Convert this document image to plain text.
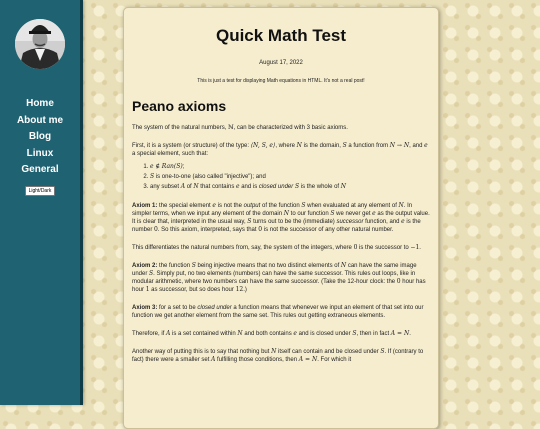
Home
About me
Blog
Linux
General
Light/Dark
Quick Math Test
August 17, 2022
This is just a test for displaying Math equations in HTML. It's not a real post!
Peano axioms

The system of the natural numbers, ℕ, can be characterized with 3 basic axioms.

First, it is a system (or structure) of the type: ⟨N, S, e⟩, where N is the domain, S a function from N → N, and e a special element, such that:

1. e ∉ Ran(S);
2. S is one-to-one (also called "injective"); and
3. any subset A of N that contains e and is closed under S is the whole of N

Axiom 1: the special element e is not the output of the function S when evaluated at any element of N. In simpler terms, when we input any element of the domain N to our function S we never get e as the output value. It is clear that, interpreted in the usual way, S turns out to be the (immediate) successor function, and e is the number 0. So this axiom, interpreted, says that 0 is not the successor of any other natural number.

This differentiates the natural numbers from, say, the system of the integers, where 0 is the successor to −1.

Axiom 2: the function S being injective means that no two distinct elements of N can have the same image under S. Simply put, no two elements (numbers) can have the same successor. This rules out loops, like in modular arithmetic, where two numbers can have the same successor. (Take the 12-hour clock: the 0 hour has hour 1 as successor, but so does hour 12.)

Axiom 3: for a set to be closed under a function means that whenever we input an element of that set into our function we get another element from the same set. This rules out getting extraneous elements.

Therefore, if A is a set contained within N and both contains e and is closed under S, then in fact A = N.

Another way of putting this is to say that nothing but N itself can contain and be closed under S. If (contrary to fact) there were a smaller set A fulfilling those conditions, then A = N. For which it
